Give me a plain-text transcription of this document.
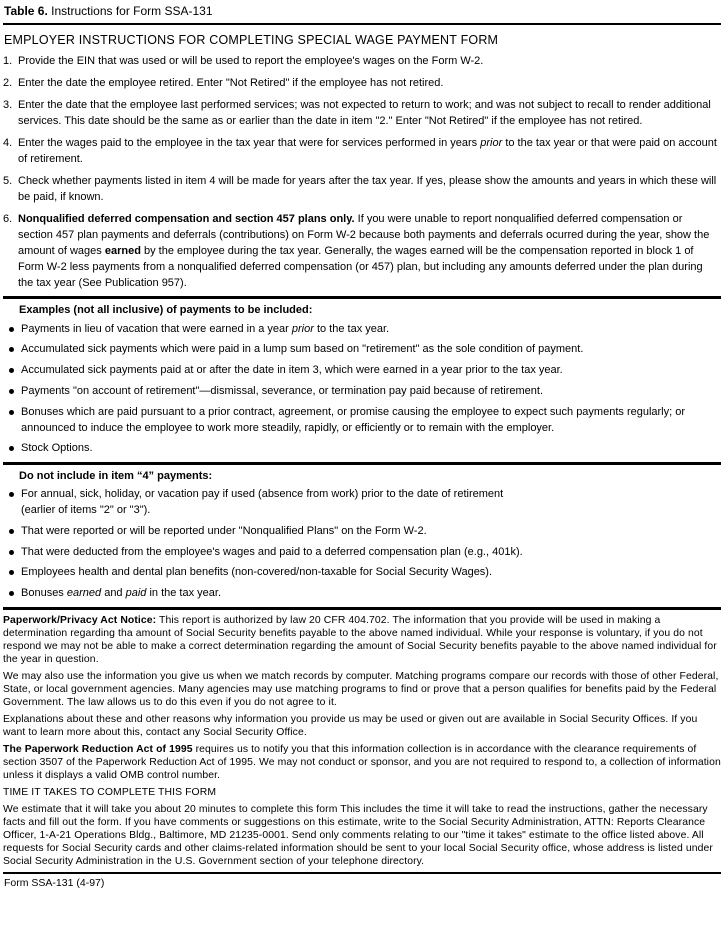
Table 6. Instructions for Form SSA-131
EMPLOYER INSTRUCTIONS FOR COMPLETING SPECIAL WAGE PAYMENT FORM
1. Provide the EIN that was used or will be used to report the employee's wages on the Form W-2.
2. Enter the date the employee retired. Enter "Not Retired" if the employee has not retired.
3. Enter the date that the employee last performed services; was not expected to return to work; and was not subject to recall to render additional services. This date should be the same as or earlier than the date in item "2." Enter "Not Retired" if the employee has not retired.
4. Enter the wages paid to the employee in the tax year that were for services performed in years prior to the tax year or that were paid on account of retirement.
5. Check whether payments listed in item 4 will be made for years after the tax year. If yes, please show the amounts and years in which these will be paid, if known.
6. Nonqualified deferred compensation and section 457 plans only. If you were unable to report nonqualified deferred compensation or section 457 plan payments and deferrals (contributions) on Form W-2 because both payments and deferrals ocurred during the year, show the amount of wages earned by the employee during the tax year. Generally, the wages earned will be the compensation reported in block 1 of Form W-2 less payments from a nonqualified deferred compensation (or 457) plan, but including any amounts deferred under the plan during the tax year (See Publication 957).
Examples (not all inclusive) of payments to be included:
Payments in lieu of vacation that were earned in a year prior to the tax year.
Accumulated sick payments which were paid in a lump sum based on "retirement" as the sole condition of payment.
Accumulated sick payments paid at or after the date in item 3, which were earned in a year prior to the tax year.
Payments "on account of retirement"—dismissal, severance, or termination pay paid because of retirement.
Bonuses which are paid pursuant to a prior contract, agreement, or promise causing the employee to expect such payments regularly; or announced to induce the employee to work more steadily, rapidly, or efficiently or to remain with the employer.
Stock Options.
Do not include in item “4” payments:
For annual, sick, holiday, or vacation pay if used (absence from work) prior to the date of retirement
(earlier of items "2" or "3").
That were reported or will be reported under "Nonqualified Plans" on the Form W-2.
That were deducted from the employee's wages and paid to a deferred compensation plan (e.g., 401k).
Employees health and dental plan benefits (non-covered/non-taxable for Social Security Wages).
Bonuses earned and paid in the tax year.
Paperwork/Privacy Act Notice: This report is authorized by law 20 CFR 404.702. The information that you provide will be used in making a determination regarding tha amount of Social Security benefits payable to the above named individual. While your response is voluntary, if you do not respond we may not be able to make a correct determination regarding the amount of Social Security benefits payable to the above named individual for the year in question.
We may also use the information you give us when we match records by computer. Matching programs compare our records with those of other Federal, State, or local government agencies. Many agencies may use matching programs to find or prove that a person qualifies for benefits paid by the Federal Government. The law allows us to do this even if you do not agree to it.
Explanations about these and other reasons why information you provide us may be used or given out are available in Social Security Offices. If you want to learn more about this, contact any Social Security Office.
The Paperwork Reduction Act of 1995 requires us to notify you that this information collection is in accordance with the clearance requirements of section 3507 of the Paperwork Reduction Act of 1995. We may not conduct or sponsor, and you are not required to respond to, a collection of information unless it displays a valid OMB control number.
TIME IT TAKES TO COMPLETE THIS FORM
We estimate that it will take you about 20 minutes to complete this form This includes the time it will take to read the instructions, gather the necessary facts and fill out the form. If you have comments or suggestions on this estimate, write to the Social Security Administration, ATTN: Reports Clearance Officer, 1-A-21 Operations Bldg., Baltimore, MD 21235-0001. Send only comments relating to our "time it takes" estimate to the office listed above. All requests for Social Security cards and other claims-related information should be sent to your local Social Security office, whose address is listed under Social Security Administration in the U.S. Government section of your telephone directory.
Form SSA-131 (4-97)
